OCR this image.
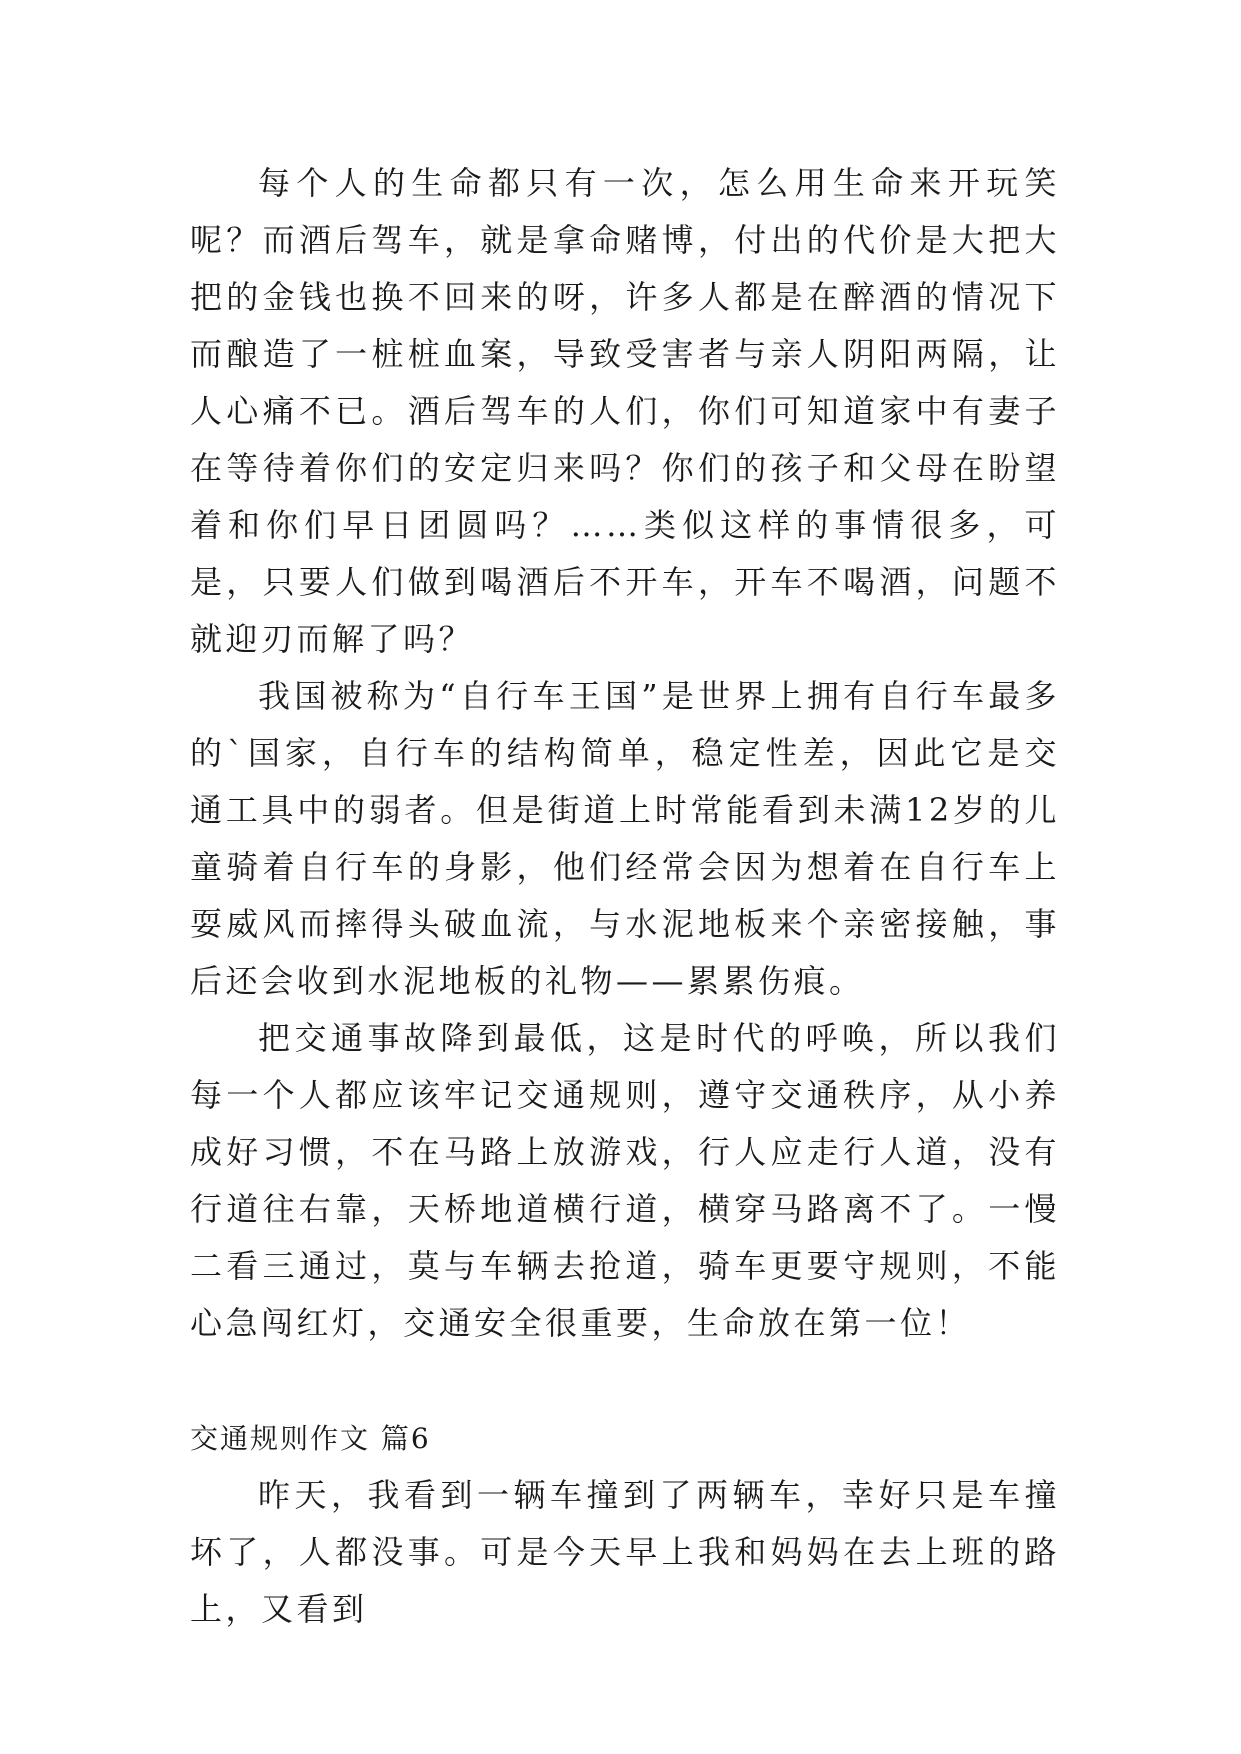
每个人的生命都只有一次，怎么用生命来开玩笑呢？而酒后驾车，就是拿命赌博，付出的代价是大把大把的金钱也换不回来的呀，许多人都是在醉酒的情况下而酿造了一桩桩血案，导致受害者与亲人阴阳两隔，让人心痛不已。酒后驾车的人们，你们可知道家中有妻子在等待着你们的安定归来吗？你们的孩子和父母在盼望着和你们早日团圆吗？……类似这样的事情很多，可是，只要人们做到喝酒后不开车，开车不喝酒，问题不就迎刃而解了吗？

我国被称为“自行车王国”是世界上拥有自行车最多的`国家，自行车的结构简单，稳定性差，因此它是交通工具中的弱者。但是街道上时常能看到未满12岁的儿童骑着自行车的身影，他们经常会因为想着在自行车上耍威风而摔得头破血流，与水泥地板来个亲密接触，事后还会收到水泥地板的礼物——累累伤痕。

把交通事故降到最低，这是时代的呼唤，所以我们每一个人都应该牢记交通规则，遵守交通秩序，从小养成好习惯，不在马路上放游戏，行人应走行人道，没有行道往右靠，天桥地道横行道，横穿马路离不了。一慢二看三通过，莫与车辆去抢道，骑车更要守规则，不能心急闯红灯，交通安全很重要，生命放在第一位！

交通规则作文 篇6

昨天，我看到一辆车撞到了两辆车，幸好只是车撞坏了，人都没事。可是今天早上我和妈妈在去上班的路上，又看到
